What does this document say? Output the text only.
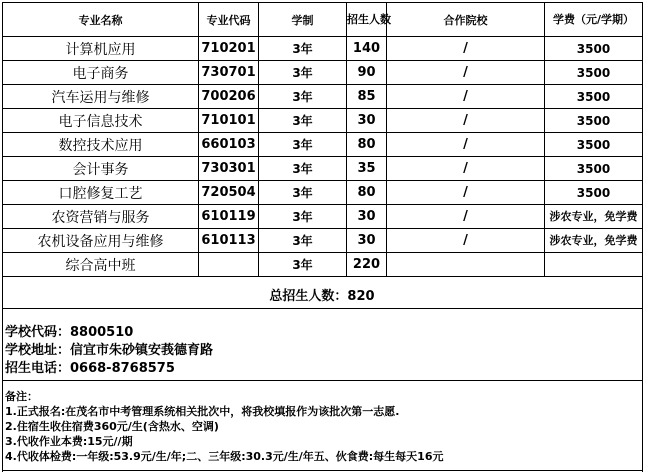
专业名称	专业代码	学制	招生人数	合作院校	学费（元/学期）
计算机应用	710201	3年	140	/	3500
电子商务	730701	3年	90	/	3500
汽车运用与维修	700206	3年	85	/	3500
电子信息技术	710101	3年	30	/	3500
数控技术应用	660103	3年	80	/	3500
会计事务	730301	3年	35	/	3500
口腔修复工艺	720504	3年	80	/	3500
农资营销与服务	610119	3年	30	/	涉农专业，免学费
农机设备应用与维修	610113	3年	30	/	涉农专业，免学费
综合高中班		3年	220		
总招生人数：820
学校代码：8800510
学校地址：信宜市朱砂镇安莪德育路
招生电话：0668-8768575
备注：
1.正式报名:在茂名市中考管理系统相关批次中，将我校填报作为该批次第一志愿.
2.住宿生收住宿费360元/生(含热水、空调)
3.代收作业本费:15元//期
4.代收体检费:一年级:53.9元/生/年;二、三年级:30.3元/生/年五、伙食费:每生每天16元
